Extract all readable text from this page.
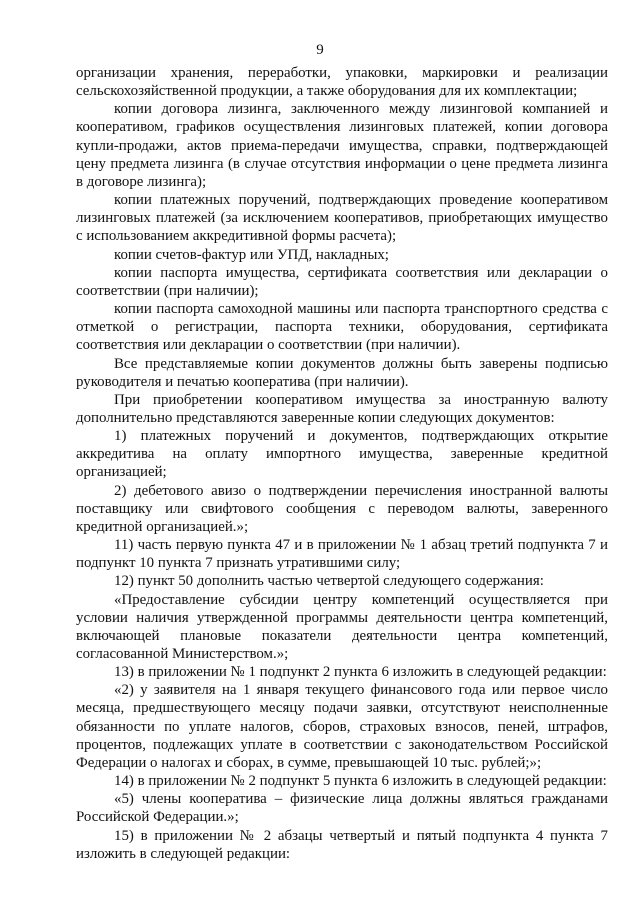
9

организации хранения, переработки, упаковки, маркировки и реализации сельскохозяйственной продукции, а также оборудования для их комплектации;

копии договора лизинга, заключенного между лизинговой компанией и кооперативом, графиков осуществления лизинговых платежей, копии договора купли-продажи, актов приема-передачи имущества, справки, подтверждающей цену предмета лизинга (в случае отсутствия информации о цене предмета лизинга в договоре лизинга);

копии платежных поручений, подтверждающих проведение кооперативом лизинговых платежей (за исключением кооперативов, приобретающих имущество с использованием аккредитивной формы расчета);

копии счетов-фактур или УПД, накладных;

копии паспорта имущества, сертификата соответствия или декларации о соответствии (при наличии);

копии паспорта самоходной машины или паспорта транспортного средства с отметкой о регистрации, паспорта техники, оборудования, сертификата соответствия или декларации о соответствии (при наличии).

Все представляемые копии документов должны быть заверены подписью руководителя и печатью кооператива (при наличии).

При приобретении кооперативом имущества за иностранную валюту дополнительно представляются заверенные копии следующих документов:

1) платежных поручений и документов, подтверждающих открытие аккредитива на оплату импортного имущества, заверенные кредитной организацией;

2) дебетового авизо о подтверждении перечисления иностранной валюты поставщику или свифтового сообщения с переводом валюты, заверенного кредитной организацией.»;

11) часть первую пункта 47 и в приложении № 1 абзац третий подпункта 7 и подпункт 10 пункта 7 признать утратившими силу;

12) пункт 50 дополнить частью четвертой следующего содержания:

«Предоставление субсидии центру компетенций осуществляется при условии наличия утвержденной программы деятельности центра компетенций, включающей плановые показатели деятельности центра компетенций, согласованной Министерством.»;

13) в приложении № 1 подпункт 2 пункта 6 изложить в следующей редакции:

«2) у заявителя на 1 января текущего финансового года или первое число месяца, предшествующего месяцу подачи заявки, отсутствуют неисполненные обязанности по уплате налогов, сборов, страховых взносов, пеней, штрафов, процентов, подлежащих уплате в соответствии с законодательством Российской Федерации о налогах и сборах, в сумме, превышающей 10 тыс. рублей;»;

14) в приложении № 2 подпункт 5 пункта 6 изложить в следующей редакции:

«5) члены кооператива – физические лица должны являться гражданами Российской Федерации.»;

15) в приложении № 2 абзацы четвертый и пятый подпункта 4 пункта 7 изложить в следующей редакции:
